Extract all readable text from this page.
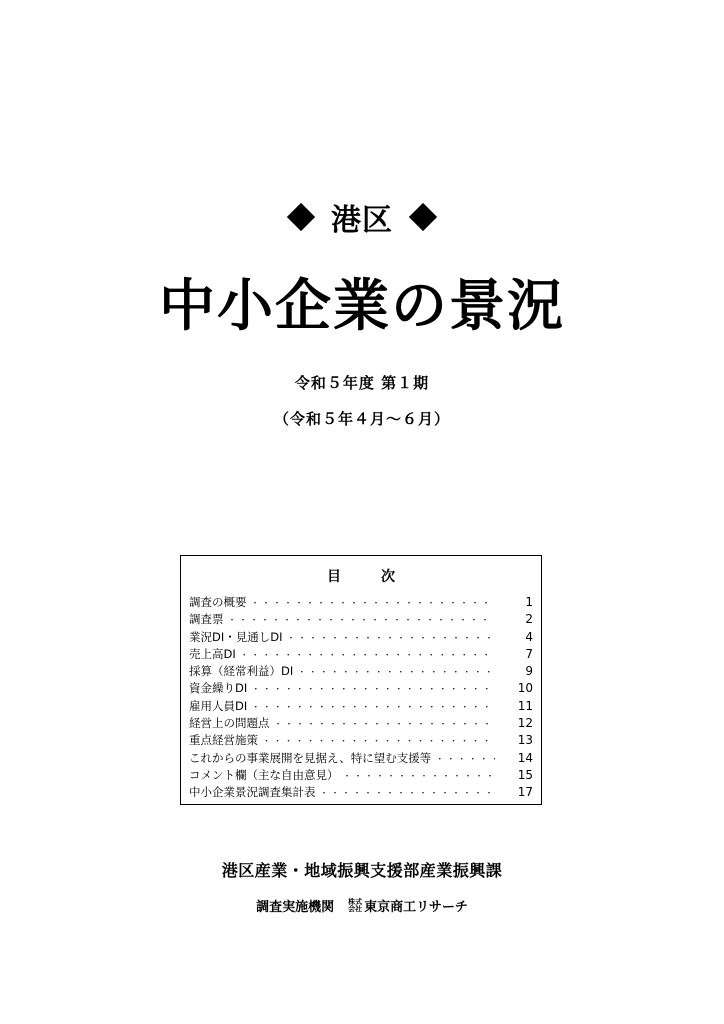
港区
中小企業の景況
令和５年度 第１期
（令和５年４月～６月）
目次
調査の概要 ・・・・・・・・・・・・・・・・・・・・・・・・・・・・・・・・・・・・・・・・・・・・・・・・・・・・・・・・・・・・・・・・	1
調査票 ・・・・・・・・・・・・・・・・・・・・・・・・・・・・・・・・・・・・・・・・・・・・・・・・・・・・・・・・・・・・・・・・	2
業況DI・見通しDI ・・・・・・・・・・・・・・・・・・・・・・・・・・・・・・・・・・・・・・・・・・・・・・・・・・・・・・・・・・・・・・・・	4
売上高DI ・・・・・・・・・・・・・・・・・・・・・・・・・・・・・・・・・・・・・・・・・・・・・・・・・・・・・・・・・・・・・・・・	7
採算（経常利益）DI ・・・・・・・・・・・・・・・・・・・・・・・・・・・・・・・・・・・・・・・・・・・・・・・・・・・・・・・・・・・・・・・・	9
資金繰りDI ・・・・・・・・・・・・・・・・・・・・・・・・・・・・・・・・・・・・・・・・・・・・・・・・・・・・・・・・・・・・・・・・	10
雇用人員DI ・・・・・・・・・・・・・・・・・・・・・・・・・・・・・・・・・・・・・・・・・・・・・・・・・・・・・・・・・・・・・・・・	11
経営上の問題点 ・・・・・・・・・・・・・・・・・・・・・・・・・・・・・・・・・・・・・・・・・・・・・・・・・・・・・・・・・・・・・・・・	12
重点経営施策 ・・・・・・・・・・・・・・・・・・・・・・・・・・・・・・・・・・・・・・・・・・・・・・・・・・・・・・・・・・・・・・・・	13
これからの事業展開を見据え、特に望む支援等 ・・・・・・・・・・・・・・・・・・・・・・・・・・・・・・・・・・・・・・・・・・・・・・・・・・・・・・・・・・・・・・・・	14
コメント欄（主な自由意見） ・・・・・・・・・・・・・・・・・・・・・・・・・・・・・・・・・・・・・・・・・・・・・・・・・・・・・・・・・・・・・・・・	15
中小企業景況調査集計表 ・・・・・・・・・・・・・・・・・・・・・・・・・・・・・・・・・・・・・・・・・・・・・・・・・・・・・・・・・・・・・・・・	17
港区産業・地域振興支援部産業振興課
調査実施機関 株式
会社 東京商工リサーチ
